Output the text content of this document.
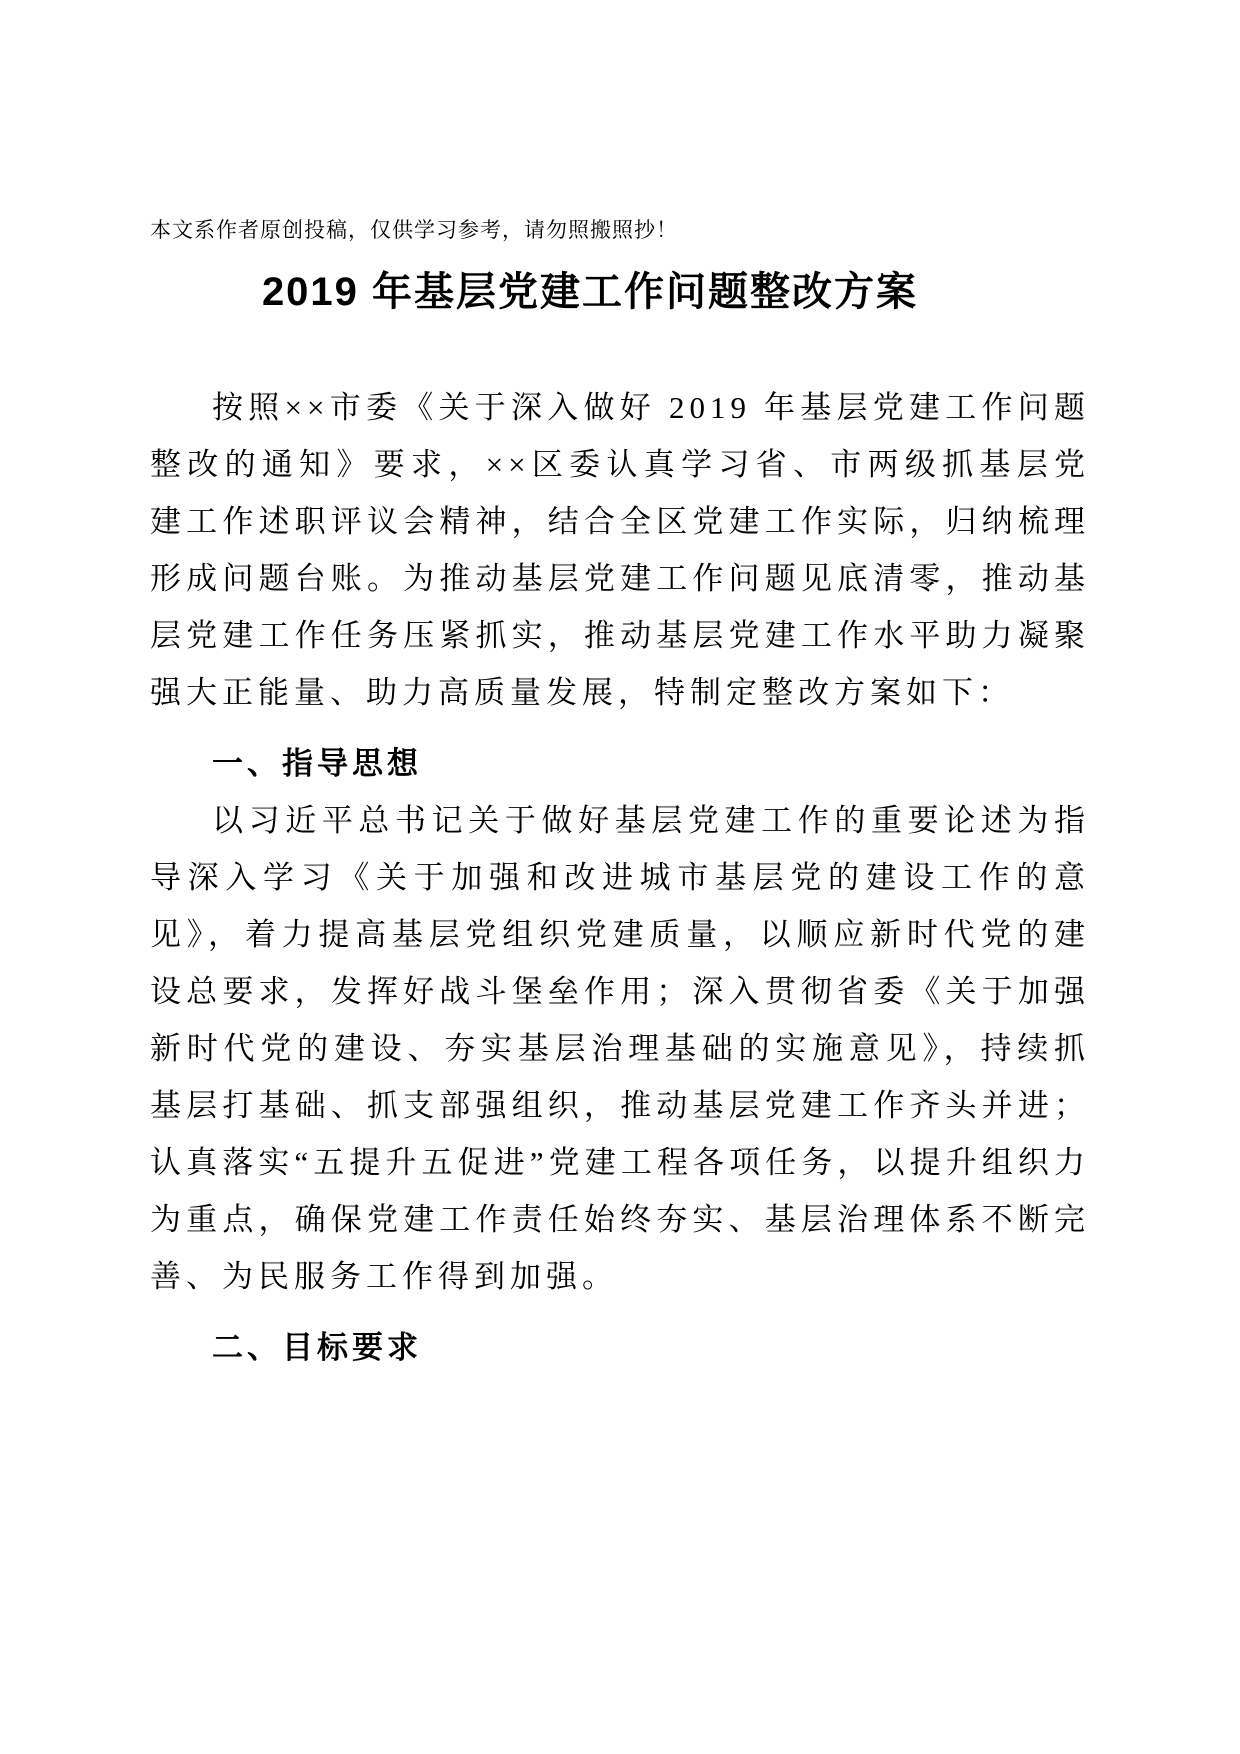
本文系作者原创投稿，仅供学习参考，请勿照搬照抄！
2019 年基层党建工作问题整改方案

按照××市委《关于深入做好 2019 年基层党建工作问题整改的通知》要求，××区委认真学习省、市两级抓基层党建工作述职评议会精神，结合全区党建工作实际，归纳梳理形成问题台账。为推动基层党建工作问题见底清零，推动基层党建工作任务压紧抓实，推动基层党建工作水平助力凝聚强大正能量、助力高质量发展，特制定整改方案如下：

一、指导思想

以习近平总书记关于做好基层党建工作的重要论述为指导深入学习《关于加强和改进城市基层党的建设工作的意见》，着力提高基层党组织党建质量，以顺应新时代党的建设总要求，发挥好战斗堡垒作用；深入贯彻省委《关于加强新时代党的建设、夯实基层治理基础的实施意见》，持续抓基层打基础、抓支部强组织，推动基层党建工作齐头并进；认真落实“五提升五促进”党建工程各项任务，以提升组织力为重点，确保党建工作责任始终夯实、基层治理体系不断完善、为民服务工作得到加强。

二、目标要求
